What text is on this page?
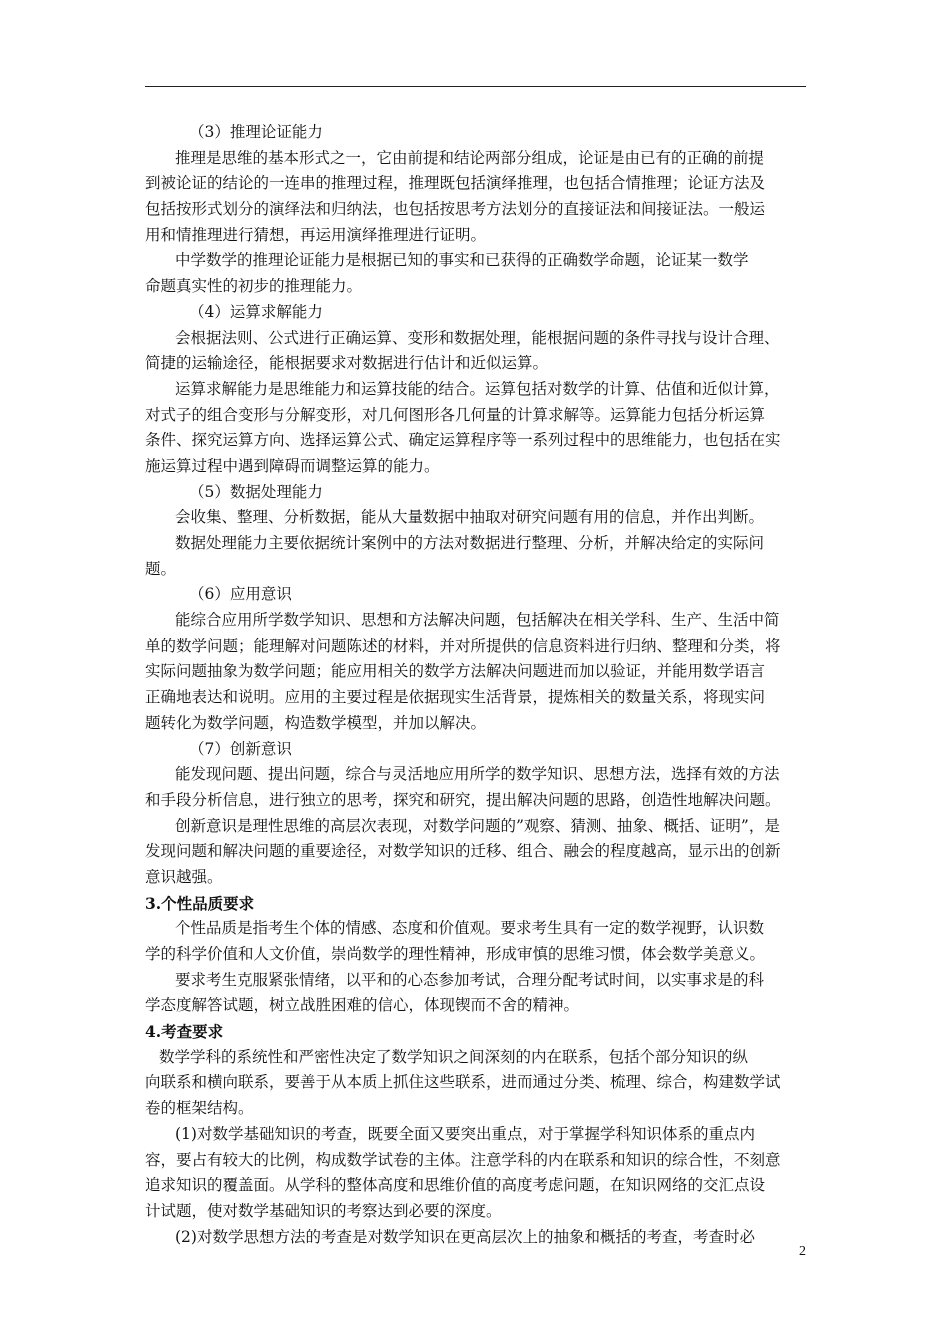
（3）推理论证能力
推理是思维的基本形式之一，它由前提和结论两部分组成，论证是由已有的正确的前提
到被论证的结论的一连串的推理过程，推理既包括演绎推理，也包括合情推理；论证方法及
包括按形式划分的演绎法和归纳法，也包括按思考方法划分的直接证法和间接证法。一般运
用和情推理进行猜想，再运用演绎推理进行证明。
中学数学的推理论证能力是根据已知的事实和已获得的正确数学命题，论证某一数学
命题真实性的初步的推理能力。
（4）运算求解能力
会根据法则、公式进行正确运算、变形和数据处理，能根据问题的条件寻找与设计合理、
简捷的运输途径，能根据要求对数据进行估计和近似运算。
运算求解能力是思维能力和运算技能的结合。运算包括对数学的计算、估值和近似计算，
对式子的组合变形与分解变形，对几何图形各几何量的计算求解等。运算能力包括分析运算
条件、探究运算方向、选择运算公式、确定运算程序等一系列过程中的思维能力，也包括在实
施运算过程中遇到障碍而调整运算的能力。
（5）数据处理能力
会收集、整理、分析数据，能从大量数据中抽取对研究问题有用的信息，并作出判断。
数据处理能力主要依据统计案例中的方法对数据进行整理、分析，并解决给定的实际问
题。
（6）应用意识
能综合应用所学数学知识、思想和方法解决问题，包括解决在相关学科、生产、生活中简
单的数学问题；能理解对问题陈述的材料，并对所提供的信息资料进行归纳、整理和分类，将
实际问题抽象为数学问题；能应用相关的数学方法解决问题进而加以验证，并能用数学语言
正确地表达和说明。应用的主要过程是依据现实生活背景，提炼相关的数量关系，将现实问
题转化为数学问题，构造数学模型，并加以解决。
（7）创新意识
能发现问题、提出问题，综合与灵活地应用所学的数学知识、思想方法，选择有效的方法
和手段分析信息，进行独立的思考，探究和研究，提出解决问题的思路，创造性地解决问题。
创新意识是理性思维的高层次表现，对数学问题的”观察、猜测、抽象、概括、证明”，是
发现问题和解决问题的重要途径，对数学知识的迁移、组合、融会的程度越高，显示出的创新
意识越强。
3.个性品质要求
个性品质是指考生个体的情感、态度和价值观。要求考生具有一定的数学视野，认识数
学的科学价值和人文价值，崇尚数学的理性精神，形成审慎的思维习惯，体会数学美意义。
要求考生克服紧张情绪，以平和的心态参加考试，合理分配考试时间，以实事求是的科
学态度解答试题，树立战胜困难的信心，体现锲而不舍的精神。
4.考查要求
数学学科的系统性和严密性决定了数学知识之间深刻的内在联系，包括个部分知识的纵
向联系和横向联系，要善于从本质上抓住这些联系，进而通过分类、梳理、综合，构建数学试
卷的框架结构。
(1)对数学基础知识的考查，既要全面又要突出重点，对于掌握学科知识体系的重点内
容，要占有较大的比例，构成数学试卷的主体。注意学科的内在联系和知识的综合性，不刻意
追求知识的覆盖面。从学科的整体高度和思维价值的高度考虑问题，在知识网络的交汇点设
计试题，使对数学基础知识的考察达到必要的深度。
(2)对数学思想方法的考查是对数学知识在更高层次上的抽象和概括的考查，考查时必
2
